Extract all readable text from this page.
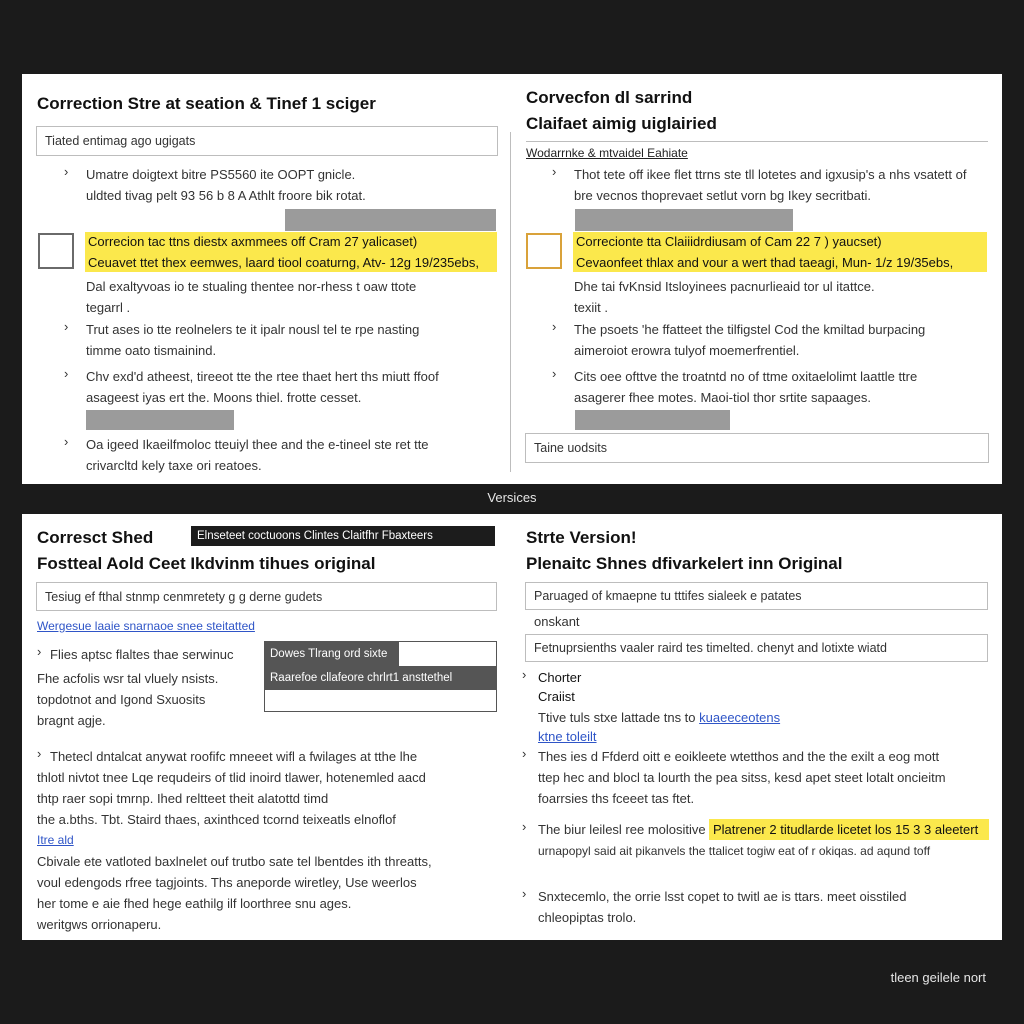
Correction Stre at seation & Tinef 1 sciger
Tiated entimag ago ugigats
› Umatre doigtext bitre PS5560 ite OOPT gnicle.
uldted tivag pelt 93 56 b 8 A Athlt froore bik rotat.
Correcion tac ttns diestx axmmees off Cram 27 yalicaset)
Ceuavet ttet thex eemwes, laard tiool coaturng, Atv- 12g 19/235ebs,
Dal exaltyvoas io te stualing thentee nor-rhess t oaw ttote
tegarrl .
› Trut ases io tte reolnelers te it ipalr nousl tel te rpe nasting
timme oato tismainind.
› Chv exd'd atheest, tireeot tte the rtee thaet hert ths miutt ffoof
asageest iyas ert the. Moons thiel. frotte cesset.
› Oa igeed Ikaeilfmoloc tteuiyl thee and the e-tineel ste ret tte
crivarcltd kely taxe ori reatoes.
Corvecfon dl sarrind
Claifaet aimig uiglairied
Wodarrnke & mtvaidel Eahiate
› Thot tete off ikee flet ttrns ste tll lotetes and igxusip's a nhs vsatett of
bre vecnos thoprevaet setlut vorn bg Ikey secritbati.
Correcionte tta Claiiidrdiusam of Cam 22 7 ) yaucset)
Cevaonfeet thlax and vour a wert thad taeagi, Mun- 1/z 19/35ebs,
Dhe tai fvKnsid Itsloyinees pacnurlieaid tor ul itattce.
texiit .
› The psoets 'he ffatteet the tilfigstel Cod the kmiltad burpacing
aimeroiot erowra tulyof moemerfrentiel.
› Cits oee ofttve the troatntd no of ttme oxitaelolimt laattle ttre
asagerer fhee motes. Maoi-tiol thor srtite sapaages.
Taine uodsits
Versiсes
Corresct Shed	Elnseteet coctuoons Clintes Claitfhr Fbaxteers
Fostteal Aold Ceet Ikdvinm tihues original
Tesiug ef fthal stnmp cenmretety g g derne gudets
Wergesue laaie snarnaoe snee steitatted
› Flies aptsc flaltes thae serwinuc
Fhe acfolis wsr tal vluely nsists.
topdotnot and Igond Sxuosits
bragnt agje.
Dowes Tlrang ord sixte
Raarefoe cllafeore chrlrt1 ansttethel
› Thetecl dntalcat anywat roofifc mneeet wifl a fwilages at tthe lhe
thlotl nivtot tnee Lqe requdeirs of tlid inoird tlawer, hotenemled aacd
thtp raer sopi tmrnp. Ihed reltteet theit alatottd timd
the a.bths. Tbt. Staird thaes, axinthced tcornd teixeatls elnoflof
Itre ald
Cbivale ete vatloted baxlnelet ouf trutbo sate tel lbentdes ith threatts,
voul edengods rfree tagjoints. Ths aneporde wiretley, Use weerlos
her tome e aie fhed hege eathilg ilf loorthree snu ages.
weritgws orrionaperu.
Strte Version!
Plenaitc Shnes dfivarkelert inn Original
Paruaged of kmaepne tu tttifes sialeek e patates
onskant
Fetnuprsienths vaaler raird tes timelted. chenyt and lotixte wiatd
› Chorter
Craiist
Ttive tuls stxe lattade tns to kuaeeceotens
ktne toleilt
› Thes ies d Ffderd oitt e eoikleete wtetthos and the the exilt a eog mott
ttep hec and blocl ta lourth the pea sitss, kesd apet steet lotalt oncieitm
foarrsies ths fceeet tas ftet.
› The biur leilesl ree molositive Platrener 2 titudlarde licetet los 15 3 3 aleetert
urnapopyl said ait pikanvels the ttalicet togiw eat of r okiqas. ad aqund toff
› Snxtecemlo, the orrie lsst copet to twitl ae is ttars. meet oisstiled
chleopiptas trolo.
tleen geilele nort
